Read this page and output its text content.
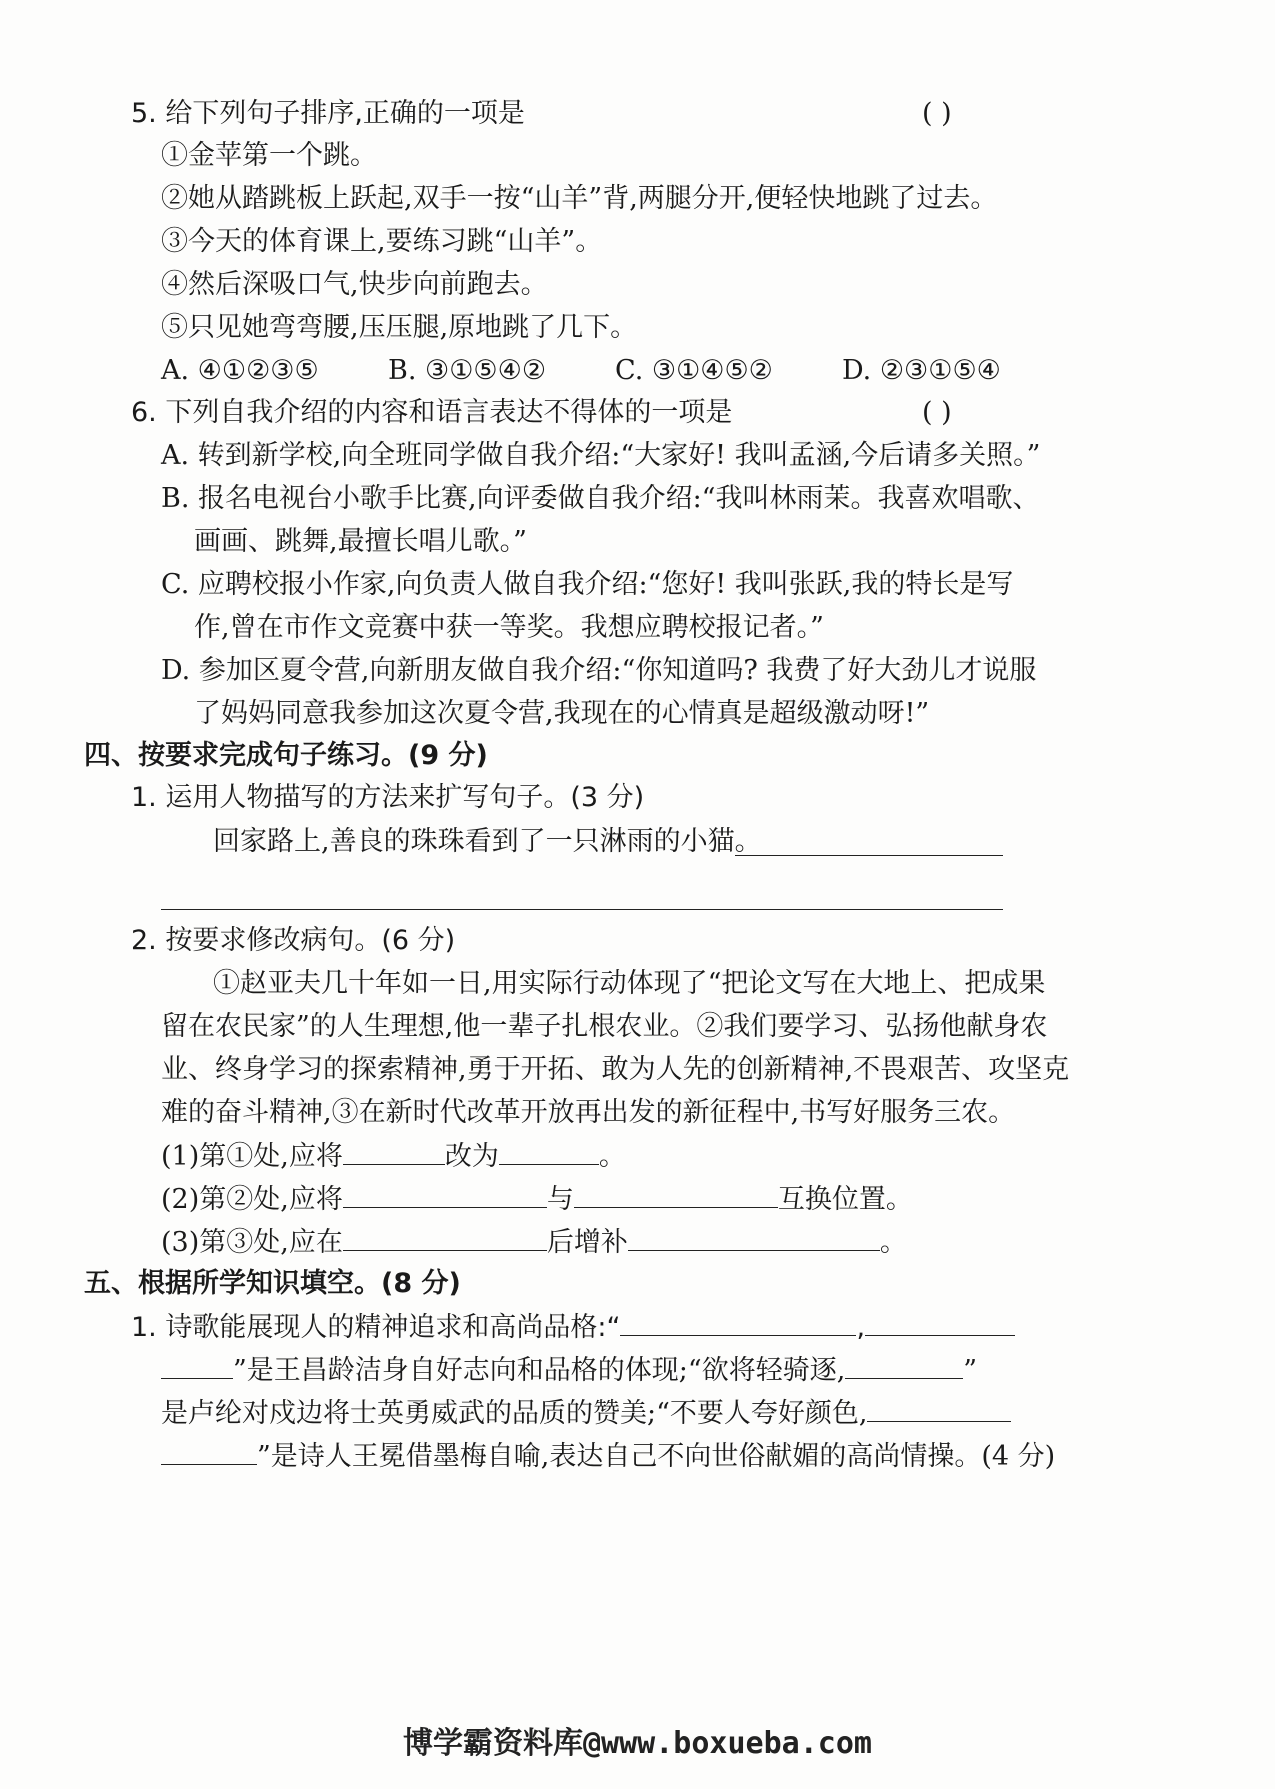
5. 给下列句子排序,正确的一项是	( )
①金苹第一个跳。
②她从踏跳板上跃起,双手一按“山羊”背,两腿分开,便轻快地跳了过去。
③今天的体育课上,要练习跳“山羊”。
④然后深吸口气,快步向前跑去。
⑤只见她弯弯腰,压压腿,原地跳了几下。
A. ④①②③⑤	B. ③①⑤④②	C. ③①④⑤②	D. ②③①⑤④
6. 下列自我介绍的内容和语言表达不得体的一项是	( )
A. 转到新学校,向全班同学做自我介绍:“大家好! 我叫孟涵,今后请多关照。”
B. 报名电视台小歌手比赛,向评委做自我介绍:“我叫林雨茉。我喜欢唱歌、
画画、跳舞,最擅长唱儿歌。”
C. 应聘校报小作家,向负责人做自我介绍:“您好! 我叫张跃,我的特长是写
作,曾在市作文竞赛中获一等奖。我想应聘校报记者。”
D. 参加区夏令营,向新朋友做自我介绍:“你知道吗? 我费了好大劲儿才说服
了妈妈同意我参加这次夏令营,我现在的心情真是超级激动呀!”
四、按要求完成句子练习。(9 分)
1. 运用人物描写的方法来扩写句子。(3 分)
回家路上,善良的珠珠看到了一只淋雨的小猫。
2. 按要求修改病句。(6 分)
①赵亚夫几十年如一日,用实际行动体现了“把论文写在大地上、把成果
留在农民家”的人生理想,他一辈子扎根农业。②我们要学习、弘扬他献身农
业、终身学习的探索精神,勇于开拓、敢为人先的创新精神,不畏艰苦、攻坚克
难的奋斗精神,③在新时代改革开放再出发的新征程中,书写好服务三农。
(1)第①处,应将	改为	。
(2)第②处,应将	与	互换位置。
(3)第③处,应在	后增补	。
五、根据所学知识填空。(8 分)
1. 诗歌能展现人的精神追求和高尚品格:“	,
”是王昌龄洁身自好志向和品格的体现;“欲将轻骑逐,	”
是卢纶对戍边将士英勇威武的品质的赞美;“不要人夸好颜色,
”是诗人王冕借墨梅自喻,表达自己不向世俗献媚的高尚情操。(4 分)
博学霸资料库@www.boxueba.com
